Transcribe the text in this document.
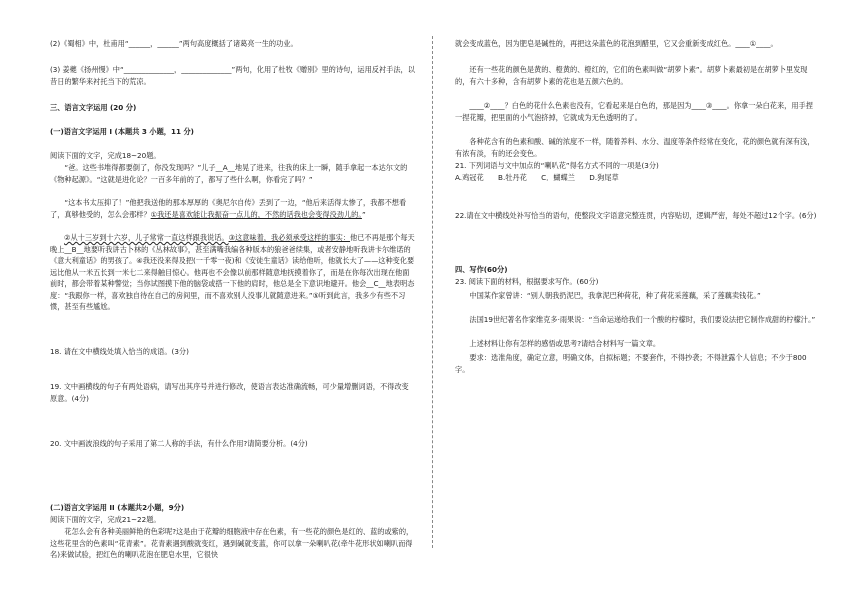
(2)《蜀相》中，杜甫用“______，______”两句高度概括了诸葛亮一生的功业。
(3) 姜夔《扬州慢》中“______________，______________”两句，化用了杜牧《赠别》里的诗句，运用反衬手法，以昔日的繁华来衬托当下的荒凉。
三、语言文字运用 (20 分)
(一)语言文字运用 I (本题共 3 小题，11 分)
阅读下面的文字，完成18~20题。
　　“爸。这些书堆得都要倒了，你没发现吗？”儿子__A__地晃了进来，往我的床上一瞬，随手拿起一本达尔文的《物种起源》。“这就是进化论？一百多年前的了，都写了些什么啊，你看完了吗？”
　　“这本书太压抑了！”他把我送他的那本厚厚的《奥尼尔自传》丢到了一边，“他后来活得太惨了，我都不想看了，真够他受的，怎么会那样？①我还是喜欢能让我振奋一点儿的，不然的话我也会变得没劲儿的。”
②从十三岁到十六岁，儿子常常一直这样跟我说话。③这意味着，我必须承受这样的事实：他已不再是那个每天晚上__B__地要听我讲古卜林的《丛林故事》，甚至满嘴我编各种版本的狼爸爸续集，或者安静地听我讲卡尔维诺的《意大利童话》的男孩了。④我还没来得及把(一千零一夜)和《安徒生童话》读给他听，他就长大了——这种变化要远比他从一米五长到一米七二来得触目惊心。他再也不会像以前那样随意地抚摸着你了，而是在你每次出现在他面前时，都会带着某种警觉；当你试图摸下他的脑袋或搭一下他的肩时，他总是全下意识地避开。他会__C__地表明态度：“我跟你一样，喜欢独自待在自己的房间里，而不喜欢别人没事儿就随意进来。”⑤听到此言，我多少有些不习惯，甚至有些尴尬。
18. 请在文中横线处填入恰当的成语。(3分)
19. 文中画横线的句子有两处语病，请写出其序号并进行修改，使语言表达准确流畅，可少量增删词语，不得改变原意。(4分)
20. 文中画波浪线的句子采用了第二人称的手法，有什么作用?请简要分析。(4分)
(二)语言文字运用 II (本题共2小题，9分)
阅读下面的文字，完成21~22题。
　　花怎么会有各种美丽鲜艳的色彩呢?这是由于花瓣的细胞液中存在色素，有一些花的颜色是红的、蓝的或紫的，这些花里含的色素叫“花青素”。花青素遇到酸就变红，遇到碱就变蓝，你可以拿一朵喇叭花(牵牛花形状如喇叭而得名)来做试验，把红色的喇叭花泡在肥皂水里，它很快
就会变成蓝色，因为肥皂是碱性的，再把这朵蓝色的花泡到醋里，它又会重新变成红色。____①____。
　　还有一些花的颜色是黄的、橙黄的、橙红的，它们的色素叫做“胡萝卜素”。胡萝卜素最初是在胡萝卜里发现的，有六十多种，含有胡萝卜素的花也是五颜六色的。
　　____②____？白色的花什么色素也没有，它看起来是白色的，那是因为____③____。你拿一朵白花来，用手捏一捏花瓣，把里面的小气泡挤掉，它就成为无色透明的了。
　　各种花含有的色素和酸、碱的浓度不一样，随着养料、水分、温度等条件经常在变化，花的颜色就有深有浅，有浓有淡，有的还会变色。
21. 下列词语与文中加点的“喇叭花”得名方式不同的一项是(3分)
A.鸡冠花　　B.牡丹花　　C．蝴蝶兰　　D.狗尾草
22.请在文中横线处补写恰当的语句，使整段文字语意完整连贯，内容贴切，逻辑严密，每处不超过12个字。(6分)
四、写作(60分)
23. 阅读下面的材料，根据要求写作。(60分)
　　中国某作家曾讲：“别人朝我扔泥巴，我拿泥巴种荷花，种了荷花采莲藕，采了莲藕卖钱花。”
　　法国19世纪著名作家维克多·雨果说：“当命运递给我们一个酸的柠檬时，我们要设法把它制作成甜的柠檬汁。”
　　上述材料让你有怎样的感悟或思考?请结合材料写一篇文章。
　　要求：选准角度，确定立意，明确文体，自拟标题；不要套作，不得抄袭；不得泄露个人信息；不少于800字。
